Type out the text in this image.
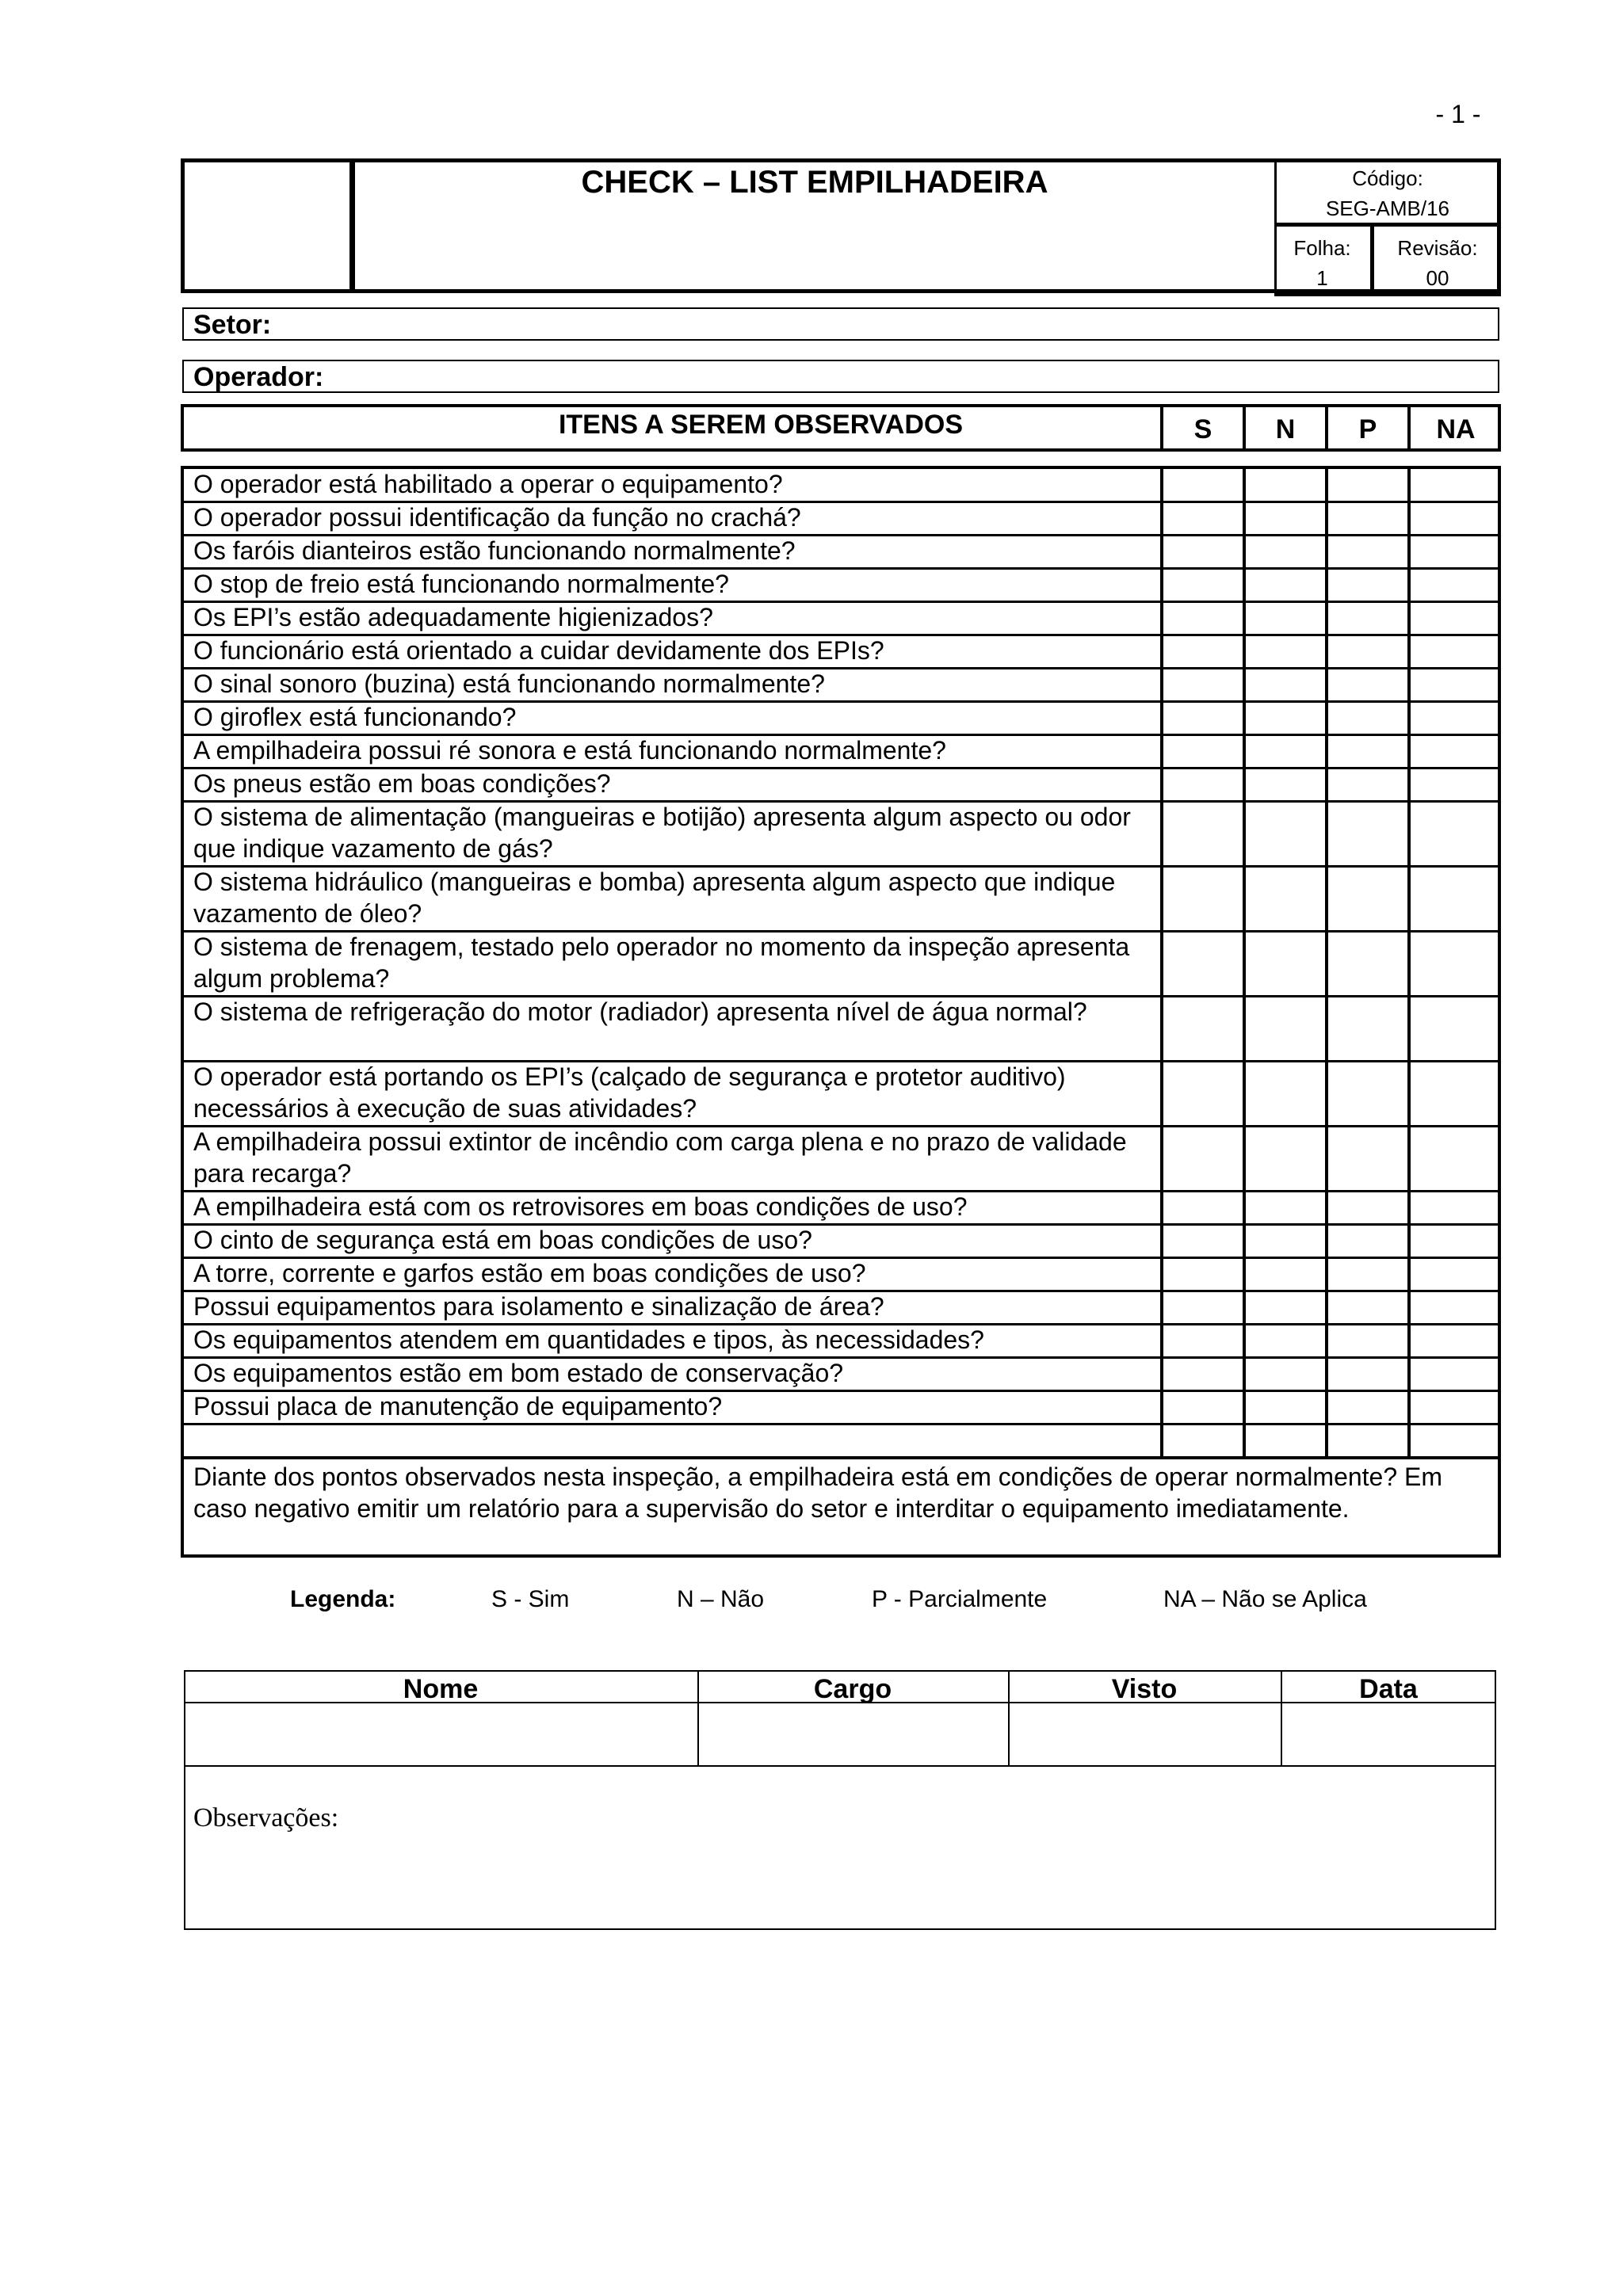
- 1 -
CHECK – LIST EMPILHADEIRA	Código:
SEG-AMB/16
Folha:
1
Revisão:
00
Setor:
Operador:
ITENS A SEREM OBSERVADOS	S	N	P	NA
O operador está habilitado a operar o equipamento?
O operador possui identificação da função no crachá?
Os faróis dianteiros estão funcionando normalmente?
O stop de freio está funcionando normalmente?
Os EPI’s estão adequadamente higienizados?
O funcionário está orientado a cuidar devidamente dos EPIs?
O sinal sonoro (buzina) está funcionando normalmente?
O giroflex está funcionando?
A empilhadeira possui ré sonora e está funcionando normalmente?
Os pneus estão em boas condições?
O sistema de alimentação (mangueiras e botijão) apresenta algum aspecto ou odor que indique vazamento de gás?
O sistema hidráulico (mangueiras e bomba) apresenta algum aspecto que indique vazamento de óleo?
O sistema de frenagem, testado pelo operador no momento da inspeção apresenta algum problema?
O sistema de refrigeração do motor (radiador) apresenta nível de água normal?
O operador está portando os EPI’s (calçado de segurança e protetor auditivo) necessários à execução de suas atividades?
A empilhadeira possui extintor de incêndio com carga plena e no prazo de validade para recarga?
A empilhadeira está com os retrovisores em boas condições de uso?
O cinto de segurança está em boas condições de uso?
A torre, corrente e garfos estão em boas condições de uso?
Possui equipamentos para isolamento e sinalização de área?
Os equipamentos atendem em quantidades e tipos, às necessidades?
Os equipamentos estão em bom estado de conservação?
Possui placa de manutenção de equipamento?
Diante dos pontos observados nesta inspeção, a empilhadeira está em condições de operar normalmente? Em caso negativo emitir um relatório para a supervisão do setor e interditar o equipamento imediatamente.
Legenda:	S - Sim	N – Não	P - Parcialmente	NA – Não se Aplica
Nome	Cargo	Visto	Data
Observações:
